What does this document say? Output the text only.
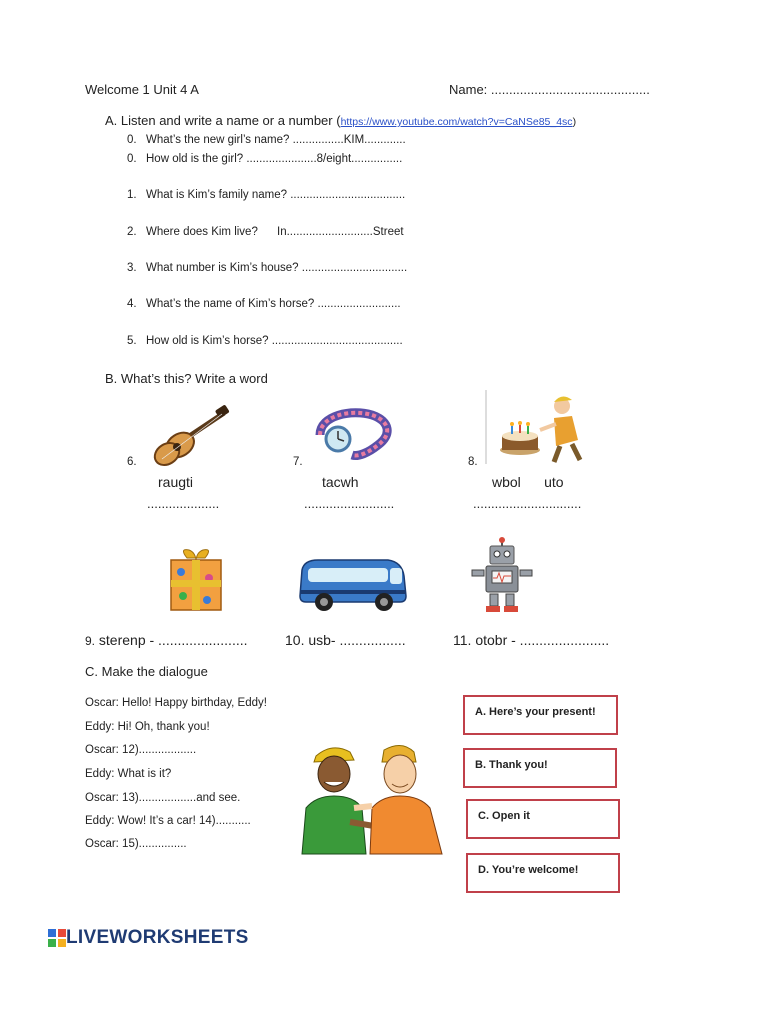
Welcome 1 Unit 4 A	Name: ............................................
A. Listen and write a name or a number (https://www.youtube.com/watch?v=CaNSe85_4sc)
0. What’s the new girl’s name? ................KIM.............
0. How old is the girl? ......................8/eight................
1. What is Kim’s family name? ....................................
2. Where does Kim live?      In...........................Street
3. What number is Kim’s house? .................................
4. What’s the name of Kim’s horse? ..........................
5. How old is Kim’s horse? .........................................
B. What’s this? Write a word
6.
raugti
....................
7.
tacwh
.........................
8.
wbol      uto
..............................
9. sterenp - .......................	10. usb- .................	11. otobr - .......................
C. Make the dialogue
Oscar: Hello! Happy birthday, Eddy!
Eddy: Hi! Oh, thank you!
Oscar: 12)..................
Eddy: What is it?
Oscar: 13)..................and see.
Eddy: Wow! It’s a car! 14)...........
Oscar: 15)...............
A. Here’s your present!
B. Thank you!
C. Open it
D. You’re welcome!
LIVEWORKSHEETS
